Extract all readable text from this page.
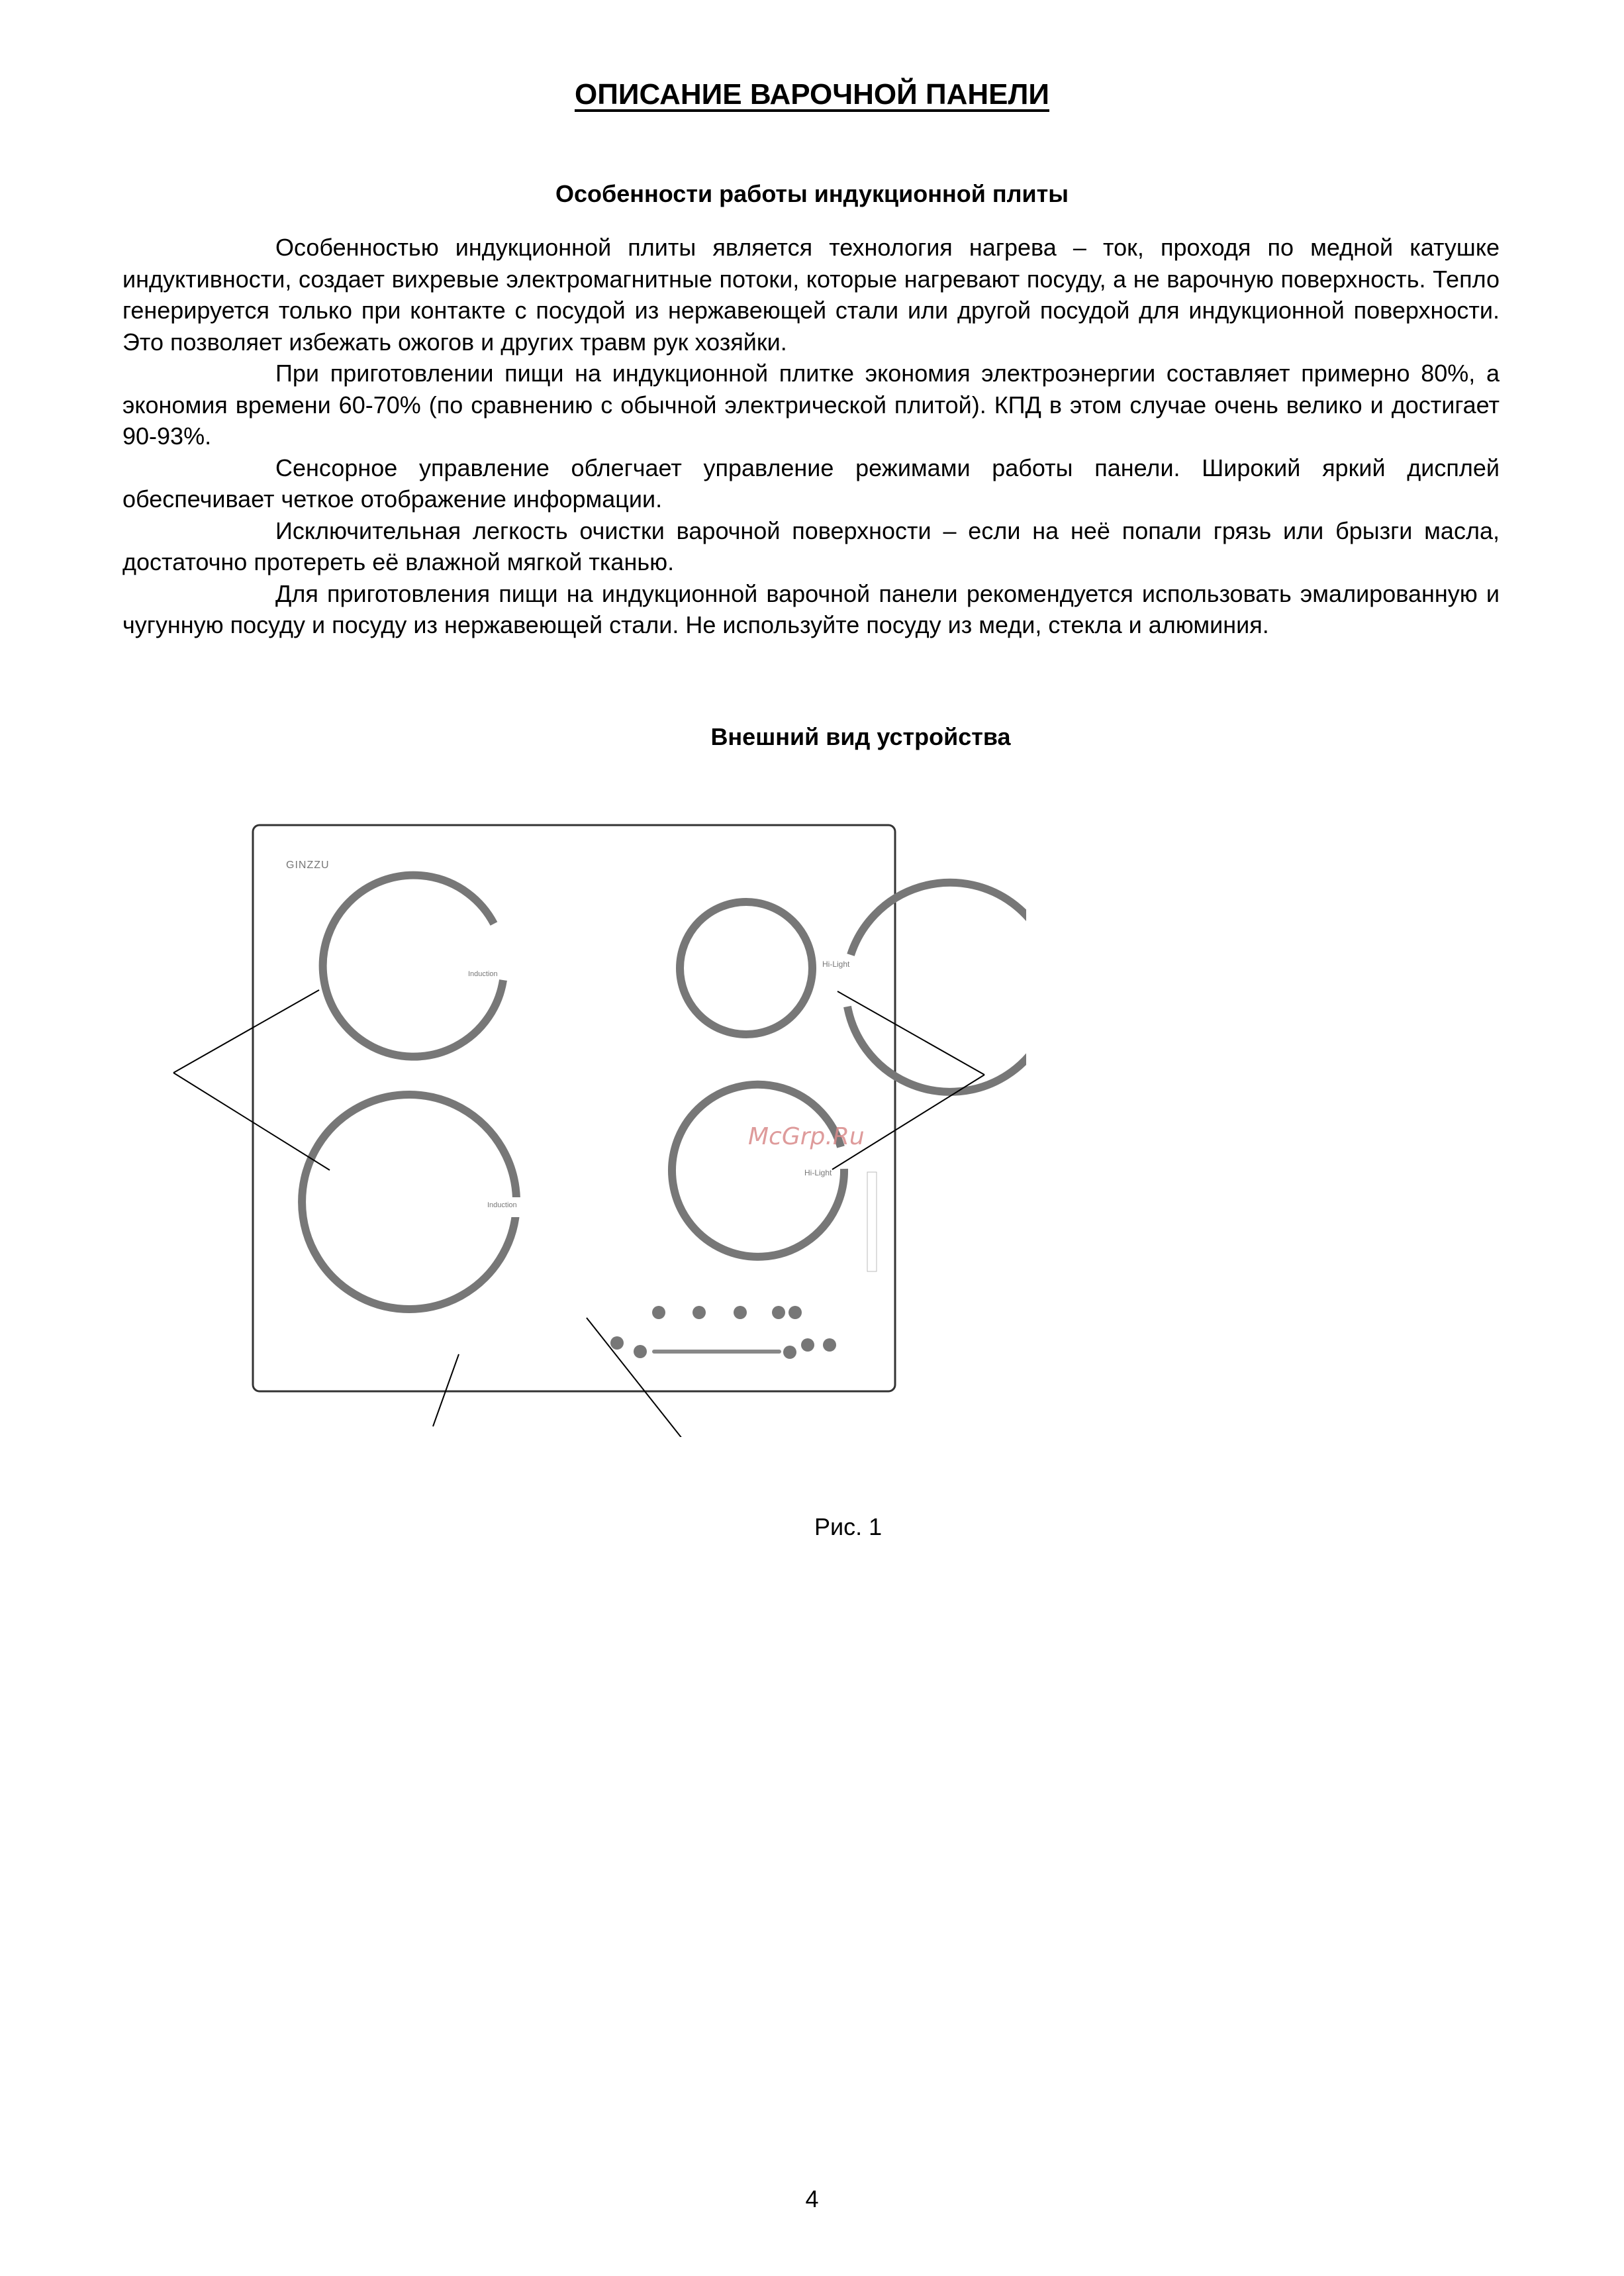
ОПИСАНИЕ ВАРОЧНОЙ ПАНЕЛИ
Особенности работы индукционной плиты

Особенностью индукционной плиты является технология нагрева – ток, проходя по медной катушке индуктивности, создает вихревые электромагнитные потоки, которые нагревают посуду, а не варочную поверхность. Тепло генерируется только при контакте с посудой из нержавеющей стали или другой посудой для индукционной поверхности. Это позволяет избежать ожогов и других травм рук хозяйки.

При приготовлении пищи на индукционной плитке экономия электроэнергии составляет примерно 80%, а экономия времени 60-70% (по сравнению с обычной электрической плитой). КПД в этом случае очень велико и достигает 90-93%.

Сенсорное управление облегчает управление режимами работы панели. Широкий яркий дисплей обеспечивает четкое отображение информации.

Исключительная легкость очистки варочной поверхности – если на неё попали грязь или брызги масла, достаточно протереть её влажной мягкой тканью.

Для приготовления пищи на индукционной варочной панели рекомендуется использовать эмалированную и чугунную посуду и посуду из нержавеющей стали. Не используйте посуду из меди, стекла и алюминия.

Внешний вид устройства
GINZZU
Induction
Induction
Hi-Light
Hi-Light
McGrp.Ru

Рис. 1

4
